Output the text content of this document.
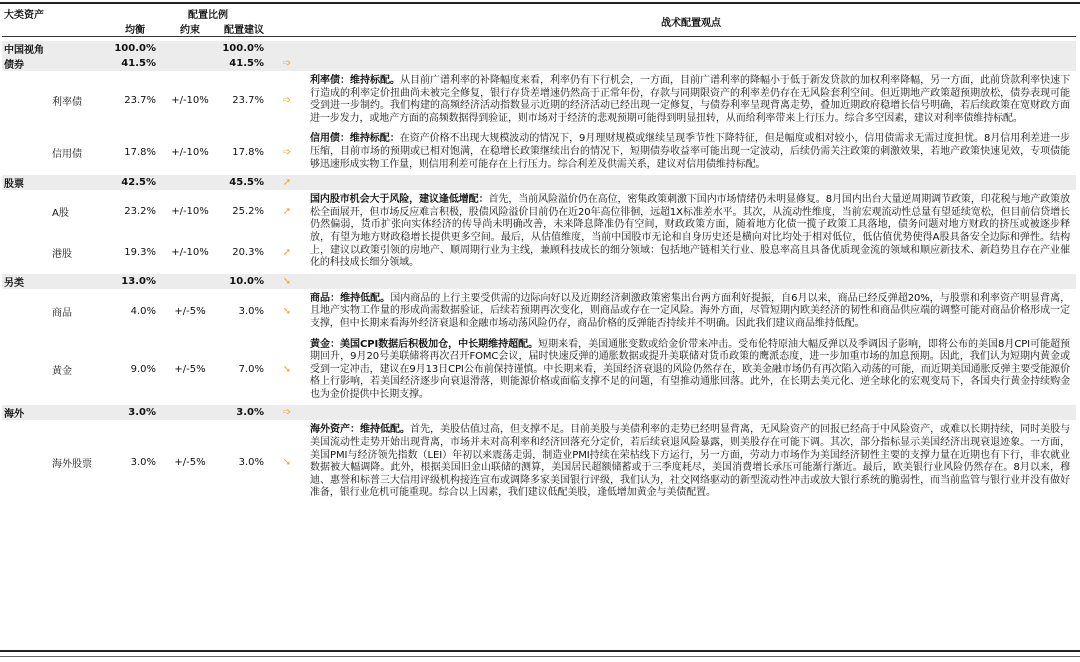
大类资产		配置比例				战术配置观点
		均衡	约束	配置建议		

中国视角		100.0%		100.0%		
债券		41.5%		41.5%	➩	
	利率债	23.7%	+/-10%	23.7%	➩	利率债：维持标配。从目前广谱利率的补降幅度来看，利率仍有下行机会，一方面，目前广谱利率的降幅小于低于新发贷款的加权利率降幅，另一方面，此前贷款利率快速下行造成的利率定价扭曲尚未被完全修复，银行存贷差增速仍然高于正常年份，存款与同期限资产的利率差仍存在无风险套利空间。但近期地产政策超预期放松，债券表现可能受到进一步制约。我们构建的高频经济活动指数显示近期的经济活动已经出现一定修复，与债券利率呈现背离走势，叠加近期政府稳增长信号明确，若后续政策在宽财政方面进一步发力，或地产方面的高频数据得到验证，则市场对于经济的悲观预期可能得到明显扭转，从而给利率带来上行压力。综合多空因素，建议对利率债维持标配。
	信用债	17.8%	+/-10%	17.8%	➩	信用债：维持标配：在资产价格不出现大规模波动的情况下，9月理财规模或继续呈现季节性下降特征，但是幅度或相对较小，信用债需求无需过度担忧。8月信用利差进一步压缩，目前市场的预期或已相对饱满，在稳增长政策继续出台的情况下，短期债券收益率可能出现一定波动，后续仍需关注政策的刺激效果，若地产政策快速见效，专项债能够迅速形成实物工作量，则信用利差可能存在上行压力。综合利差及供需关系，建议对信用债维持标配。
股票		42.5%		45.5%	➚	
	A股	23.2%	+/-10%	25.2%	➚	国内股市机会大于风险，建议逢低增配：首先，当前风险溢价仍在高位，密集政策刺激下国内市场情绪仍未明显修复。8月国内出台大量逆周期调节政策，印花税与地产政策放松全面展开，但市场反应难言积极，股债风险溢价目前仍在近20年高位徘徊，远超1X标准差水平。其次，从流动性维度，当前宏观流动性总量有望延续宽松，但目前信贷增长仍然偏弱，货币扩张向实体经济的传导尚未明确改善，未来降息降准仍有空间，财政政策方面，随着地方化债一揽子政策工具落地，债务问题对地方财政的挤压或被逐步释放，有望为地方财政稳增长提供更多空间。最后，从估值维度，当前中国股市无论和自身历史还是横向对比均处于相对低位，低估值优势使得A股具备安全边际和弹性。结构上，建议以政策引领的房地产、顺周期行业为主线，兼顾科技成长的细分领域：包括地产链相关行业、股息率高且具备优质现金流的领域和顺应新技术、新趋势且存在产业催化的科技成长细分领域。
	港股	19.3%	+/-10%	20.3%	➚	
另类		13.0%		10.0%	➘	
	商品	4.0%	+/-5%	3.0%	➘	商品：维持低配。国内商品的上行主要受供需的边际向好以及近期经济刺激政策密集出台两方面利好提振，自6月以来，商品已经反弹超20%，与股票和利率资产明显背离，且地产实物工作量的形成尚需数据验证，后续若预期再次变化，则商品或存在一定风险。海外方面，尽管短期内欧美经济的韧性和商品供应端的调整可能对商品价格形成一定支撑，但中长期来看海外经济衰退和金融市场动荡风险仍存，商品价格的反弹能否持续并不明确。因此我们建议商品维持低配。
	黄金	9.0%	+/-5%	7.0%	➘	黄金：美国CPI数据后积极加仓，中长期维持超配。短期来看，美国通胀变数或给金价带来冲击。受布伦特原油大幅反弹以及季调因子影响，即将公布的美国8月CPI可能超预期回升，9月20号美联储将再次召开FOMC会议，届时快速反弹的通胀数据或提升美联储对货币政策的鹰派态度，进一步加重市场的加息预期。因此，我们认为短期内黄金或受到一定冲击，建议在9月13日CPI公布前保持谨慎。中长期来看，美国经济衰退的风险仍然存在，欧美金融市场仍有再次陷入动荡的可能，而近期美国通胀反弹主要受能源价格上行影响，若美国经济逐步向衰退滑落，则能源价格或面临支撑不足的问题，有望推动通胀回落。此外，在长期去美元化、逆全球化的宏观变局下，各国央行黄金持续购金也为金价提供中长期支撑。
海外		3.0%		3.0%	➩	
	海外股票	3.0%	+/-5%	3.0%	➘	海外资产：维持低配。首先，美股估值过高，但支撑不足。目前美股与美债利率的走势已经明显背离，无风险资产的回报已经高于中风险资产，或难以长期持续，同时美股与美国流动性走势开始出现背离，市场并未对高利率和经济回落充分定价，若后续衰退风险暴露，则美股存在可能下调。其次，部分指标显示美国经济出现衰退迹象。一方面，美国PMI与经济领先指数（LEI）年初以来震荡走弱，制造业PMI持续在荣枯线下方运行，另一方面，劳动力市场作为美国经济韧性主要的支撑力量在近期也有下行，非农就业数据被大幅调降。此外，根据美国旧金山联储的测算，美国居民超额储蓄或于三季度耗尽，美国消费增长承压可能渐行渐近。最后，欧美银行业风险仍然存在。8月以来，穆迪、惠誉和标普三大信用评级机构接连宣布或调降多家美国银行评级，我们认为，社交网络驱动的新型流动性冲击或放大银行系统的脆弱性，而当前监管与银行业并没有做好准备，银行业危机可能重现。综合以上因素，我们建议低配美股，逢低增加黄金与美债配置。
